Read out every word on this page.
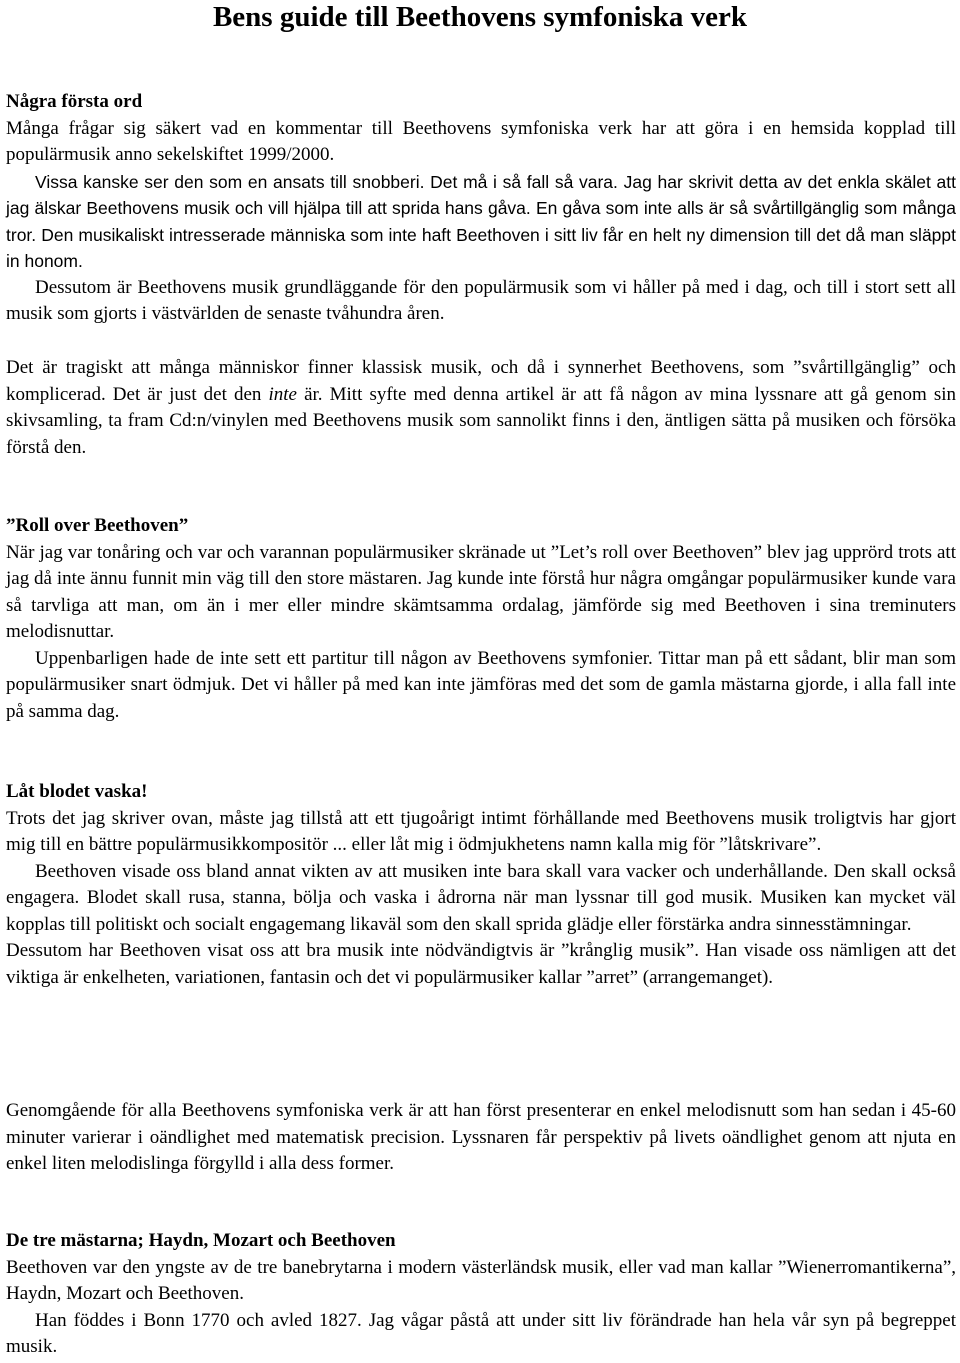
Bens guide till Beethovens symfoniska verk
Några första ord

Många frågar sig säkert vad en kommentar till Beethovens symfoniska verk har att göra i en hemsida kopplad till populärmusik anno sekelskiftet 1999/2000.

Vissa kanske ser den som en ansats till snobberi. Det må i så fall så vara. Jag har skrivit detta av det enkla skälet att jag älskar Beethovens musik och vill hjälpa till att sprida hans gåva. En gåva som inte alls är så svårtillgänglig som många tror. Den musikaliskt intresserade människa som inte haft Beethoven i sitt liv får en helt ny dimension till det då man släppt in honom.

Dessutom är Beethovens musik grundläggande för den populärmusik som vi håller på med i dag, och till i stort sett all musik som gjorts i västvärlden de senaste tvåhundra åren.

Det är tragiskt att många människor finner klassisk musik, och då i synnerhet Beethovens, som ”svårtillgänglig” och komplicerad. Det är just det den inte är. Mitt syfte med denna artikel är att få någon av mina lyssnare att gå genom sin skivsamling, ta fram Cd:n/vinylen med Beethovens musik som sannolikt finns i den, äntligen sätta på musiken och försöka förstå den.

”Roll over Beethoven”

När jag var tonåring och var och varannan populärmusiker skränade ut ”Let’s roll over Beethoven” blev jag upprörd trots att jag då inte ännu funnit min väg till den store mästaren. Jag kunde inte förstå hur några omgångar populärmusiker kunde vara så tarvliga att man, om än i mer eller mindre skämtsamma ordalag, jämförde sig med Beethoven i sina treminuters melodisnuttar.

Uppenbarligen hade de inte sett ett partitur till någon av Beethovens symfonier. Tittar man på ett sådant, blir man som populärmusiker snart ödmjuk. Det vi håller på med kan inte jämföras med det som de gamla mästarna gjorde, i alla fall inte på samma dag.

Låt blodet vaska!

Trots det jag skriver ovan, måste jag tillstå att ett tjugoårigt intimt förhållande med Beethovens musik troligtvis har gjort mig till en bättre populärmusikkompositör ... eller låt mig i ödmjukhetens namn kalla mig för ”låtskrivare”.

Beethoven visade oss bland annat vikten av att musiken inte bara skall vara vacker och underhållande. Den skall också engagera. Blodet skall rusa, stanna, bölja och vaska i ådrorna när man lyssnar till god musik. Musiken kan mycket väl kopplas till politiskt och socialt engagemang likaväl som den skall sprida glädje eller förstärka andra sinnesstämningar.

Dessutom har Beethoven visat oss att bra musik inte nödvändigtvis är ”krånglig musik”. Han visade oss nämligen att det viktiga är enkelheten, variationen, fantasin och det vi populärmusiker kallar ”arret” (arrangemanget).

Genomgående för alla Beethovens symfoniska verk är att han först presenterar en enkel melodisnutt som han sedan i 45-60 minuter varierar i oändlighet med matematisk precision. Lyssnaren får perspektiv på livets oändlighet genom att njuta en enkel liten melodislinga förgylld i alla dess former.

De tre mästarna; Haydn, Mozart och Beethoven

Beethoven var den yngste av de tre banebrytarna i modern västerländsk musik, eller vad man kallar ”Wienerromantikerna”, Haydn, Mozart och Beethoven.

Han föddes i Bonn 1770 och avled 1827. Jag vågar påstå att under sitt liv förändrade han hela vår syn på begreppet musik.
